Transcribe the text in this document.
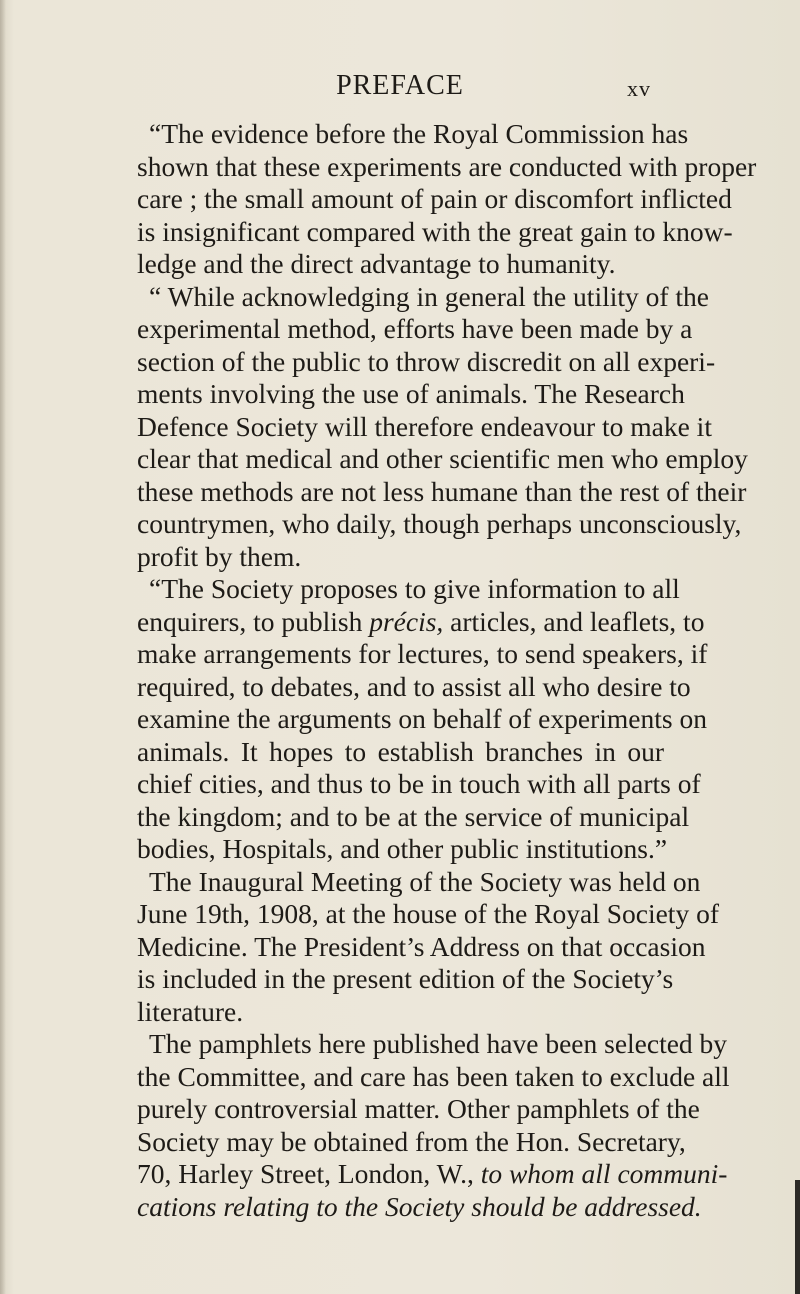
PREFACE	xv
“The evidence before the Royal Commission has
shown that these experiments are conducted with proper
care ; the small amount of pain or discomfort inflicted
is insignificant compared with the great gain to know-
ledge and the direct advantage to humanity.
“ While acknowledging in general the utility of the
experimental method, efforts have been made by a
section of the public to throw discredit on all experi-
ments involving the use of animals. The Research
Defence Society will therefore endeavour to make it
clear that medical and other scientific men who employ
these methods are not less humane than the rest of their
countrymen, who daily, though perhaps unconsciously,
profit by them.
“The Society proposes to give information to all
enquirers, to publish précis, articles, and leaflets, to
make arrangements for lectures, to send speakers, if
required, to debates, and to assist all who desire to
examine the arguments on behalf of experiments on
animals. It hopes to establish branches in our
chief cities, and thus to be in touch with all parts of
the kingdom; and to be at the service of municipal
bodies, Hospitals, and other public institutions.”
The Inaugural Meeting of the Society was held on
June 19th, 1908, at the house of the Royal Society of
Medicine. The President’s Address on that occasion
is included in the present edition of the Society’s
literature.
The pamphlets here published have been selected by
the Committee, and care has been taken to exclude all
purely controversial matter. Other pamphlets of the
Society may be obtained from the Hon. Secretary,
70, Harley Street, London, W., to whom all communi-
cations relating to the Society should be addressed.
